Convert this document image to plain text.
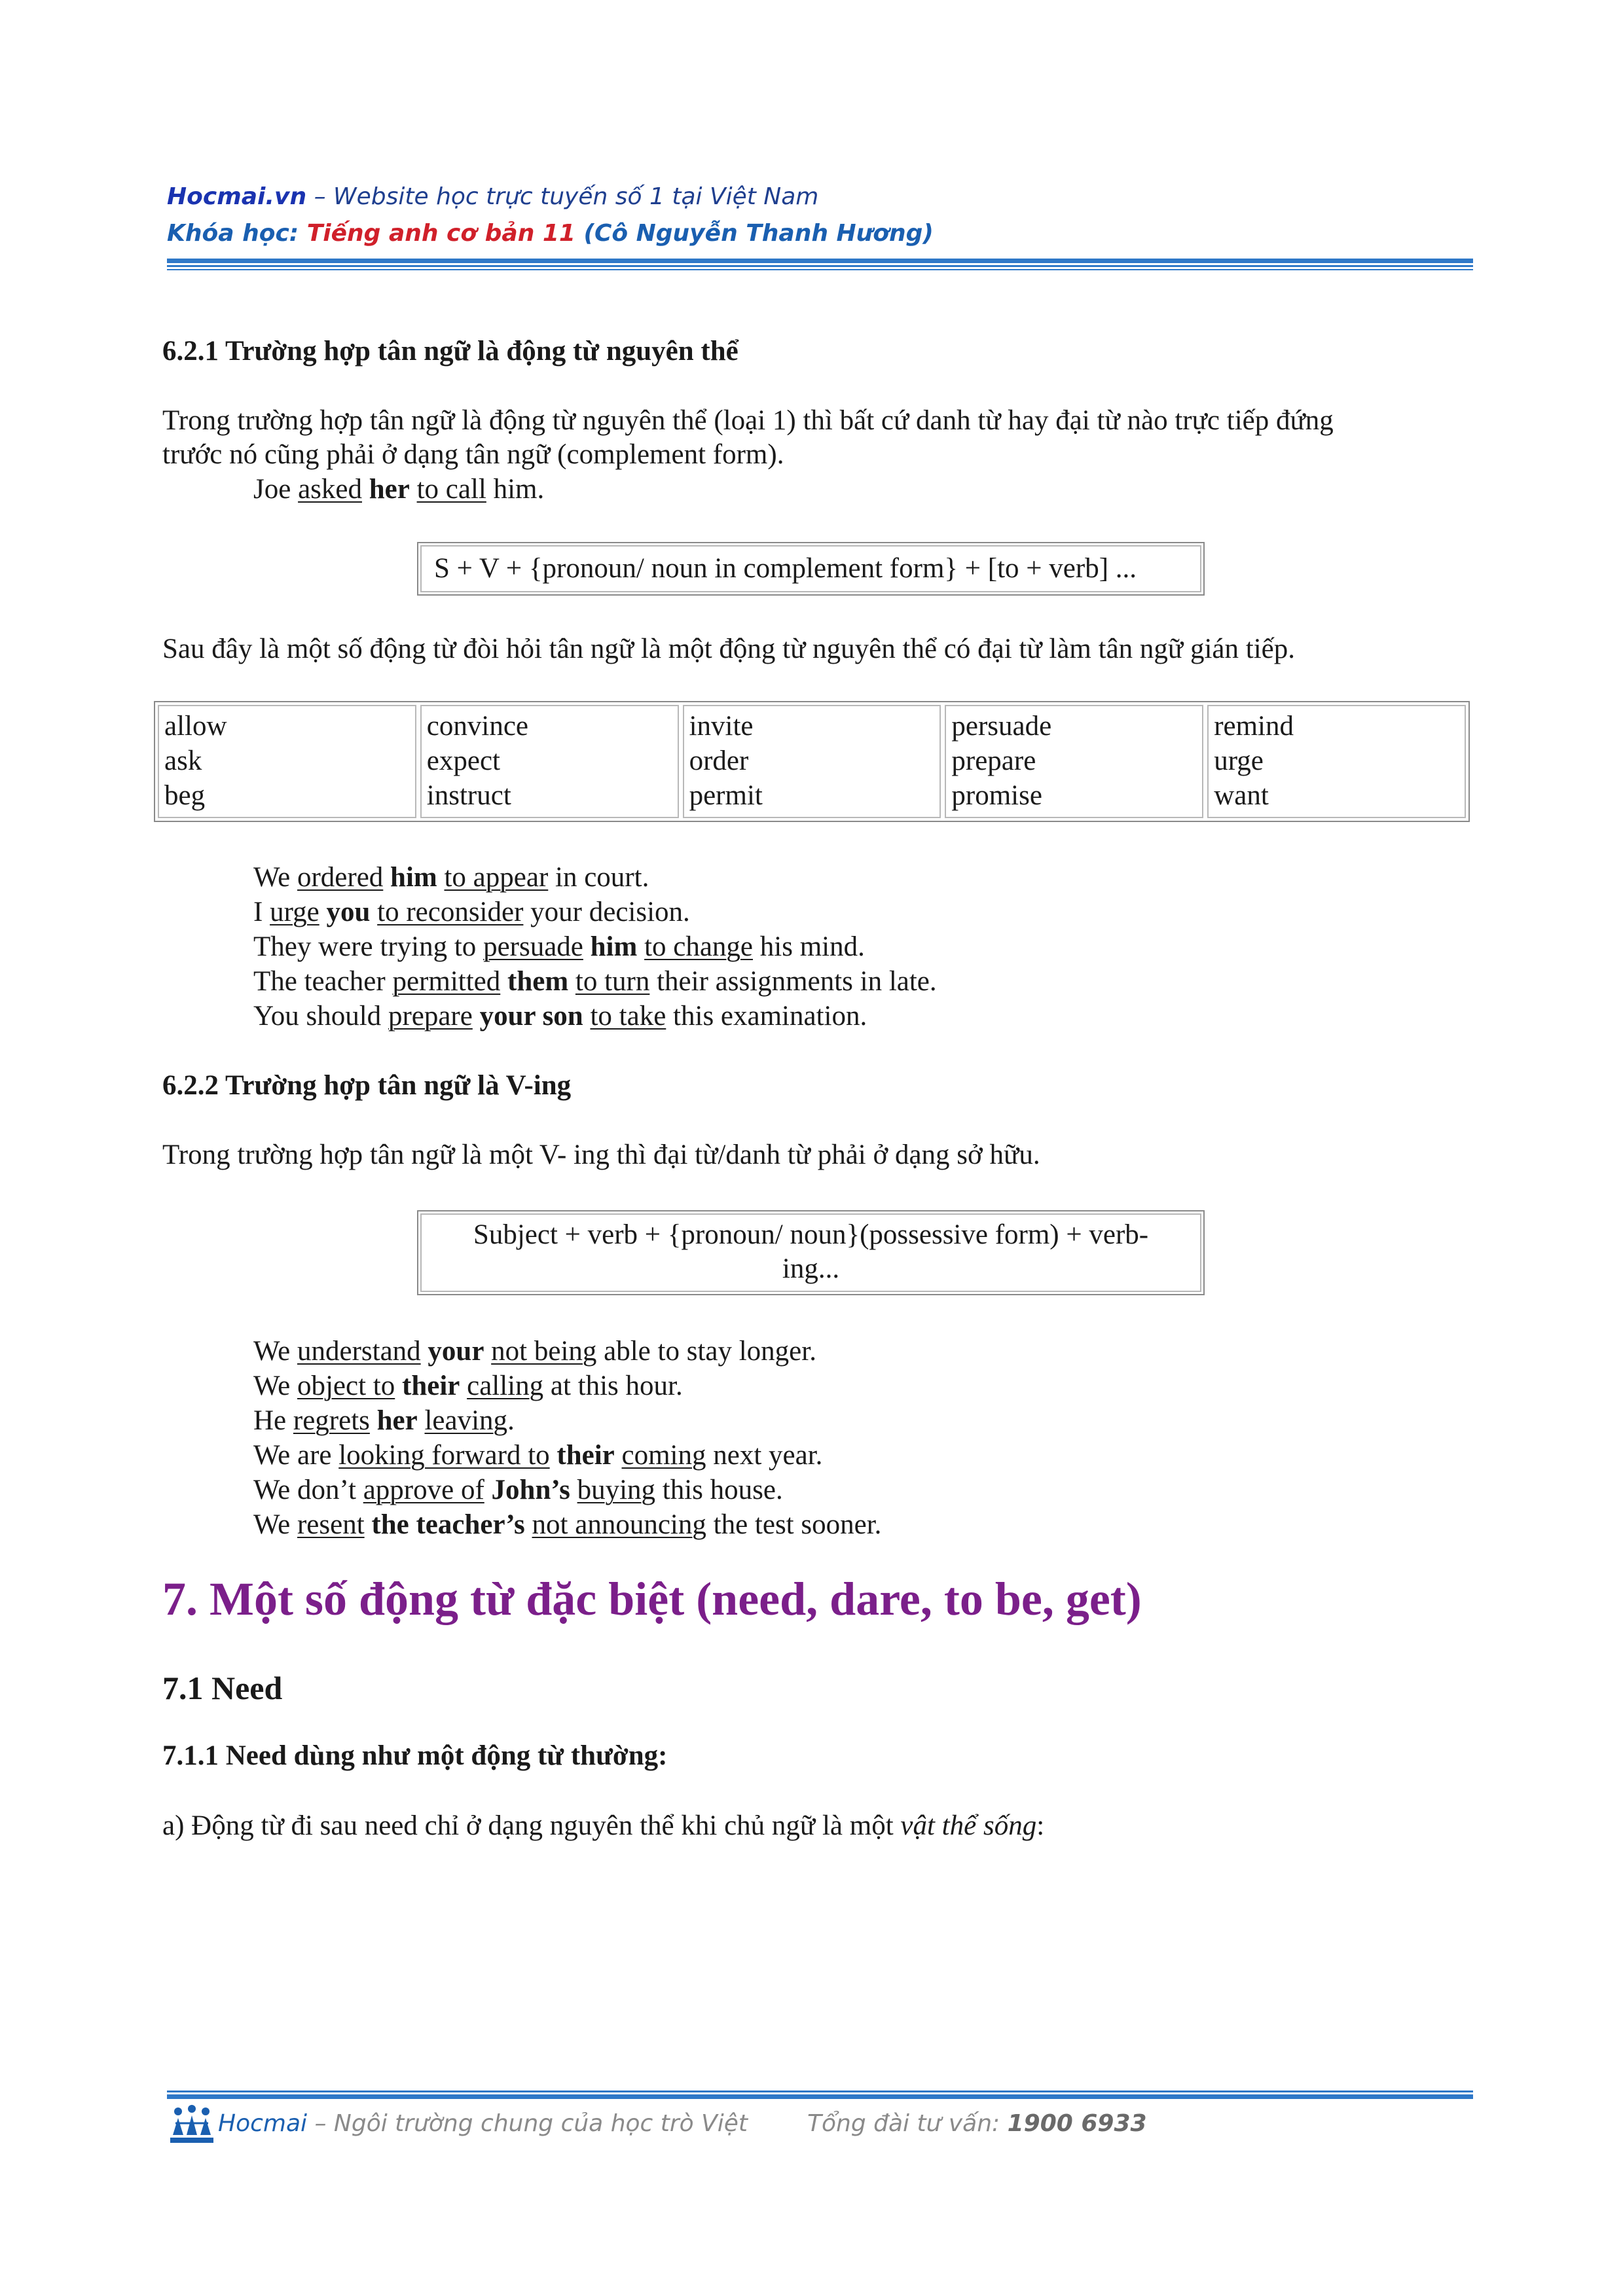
Hocmai.vn – Website học trực tuyến số 1 tại Việt Nam
Khóa học: Tiếng anh cơ bản 11 (Cô Nguyễn Thanh Hương)
6.2.1 Trường hợp tân ngữ là động từ nguyên thể
Trong trường hợp tân ngữ là động từ nguyên thể (loại 1) thì bất cứ danh từ hay đại từ nào trực tiếp đứng
trước nó cũng phải ở dạng tân ngữ (complement form).
Joe asked her to call him.
S + V + {pronoun/ noun in complement form} + [to + verb] ...
Sau đây là một số động từ đòi hỏi tân ngữ là một động từ nguyên thể có đại từ làm tân ngữ gián tiếp.
allow
ask
beg
convince
expect
instruct
invite
order
permit
persuade
prepare
promise
remind
urge
want
We ordered him to appear in court.
I urge you to reconsider your decision.
They were trying to persuade him to change his mind.
The teacher permitted them to turn their assignments in late.
You should prepare your son to take this examination.
6.2.2 Trường hợp tân ngữ là V-ing
Trong trường hợp tân ngữ là một V- ing thì đại từ/danh từ phải ở dạng sở hữu.
Subject + verb + {pronoun/ noun}(possessive form) + verb-
ing...
We understand your not being able to stay longer.
We object to their calling at this hour.
He regrets her leaving.
We are looking forward to their coming next year.
We don’t approve of John’s buying this house.
We resent the teacher’s not announcing the test sooner.
7. Một số động từ đặc biệt (need, dare, to be, get)
7.1 Need
7.1.1 Need dùng như một động từ thường:
a) Động từ đi sau need chỉ ở dạng nguyên thể khi chủ ngữ là một vật thể sống:
Hocmai – Ngôi trường chung của học trò Việt	Tổng đài tư vấn: 1900 6933
